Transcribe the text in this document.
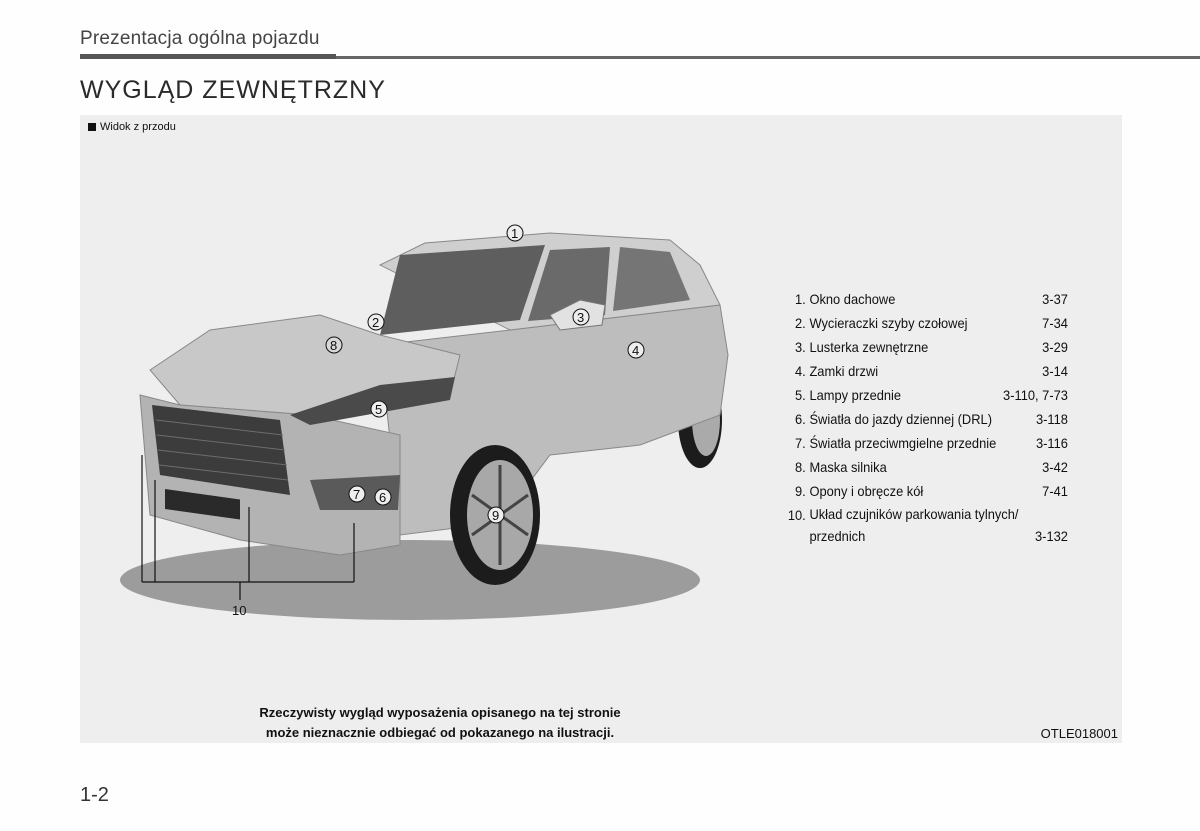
Prezentacja ogólna pojazdu
WYGLĄD ZEWNĘTRZNY
Widok z przodu
1
2	3
4
5
6
7
8
9
10
1. Okno dachowe	3-37
2. Wycieraczki szyby czołowej	7-34
3. Lusterka zewnętrzne	3-29
4. Zamki drzwi	3-14
5. Lampy przednie	3-110, 7-73
6. Światła do jazdy dziennej (DRL)	3-118
7. Światła przeciwmgielne przednie	3-116
8. Maska silnika	3-42
9. Opony i obręcze kół	7-41
10. Układ czujników parkowania tylnych/
przednich	3-132
Rzeczywisty wygląd wyposażenia opisanego na tej stronie
może nieznacznie odbiegać od pokazanego na ilustracji.	OTLE018001
1-2
